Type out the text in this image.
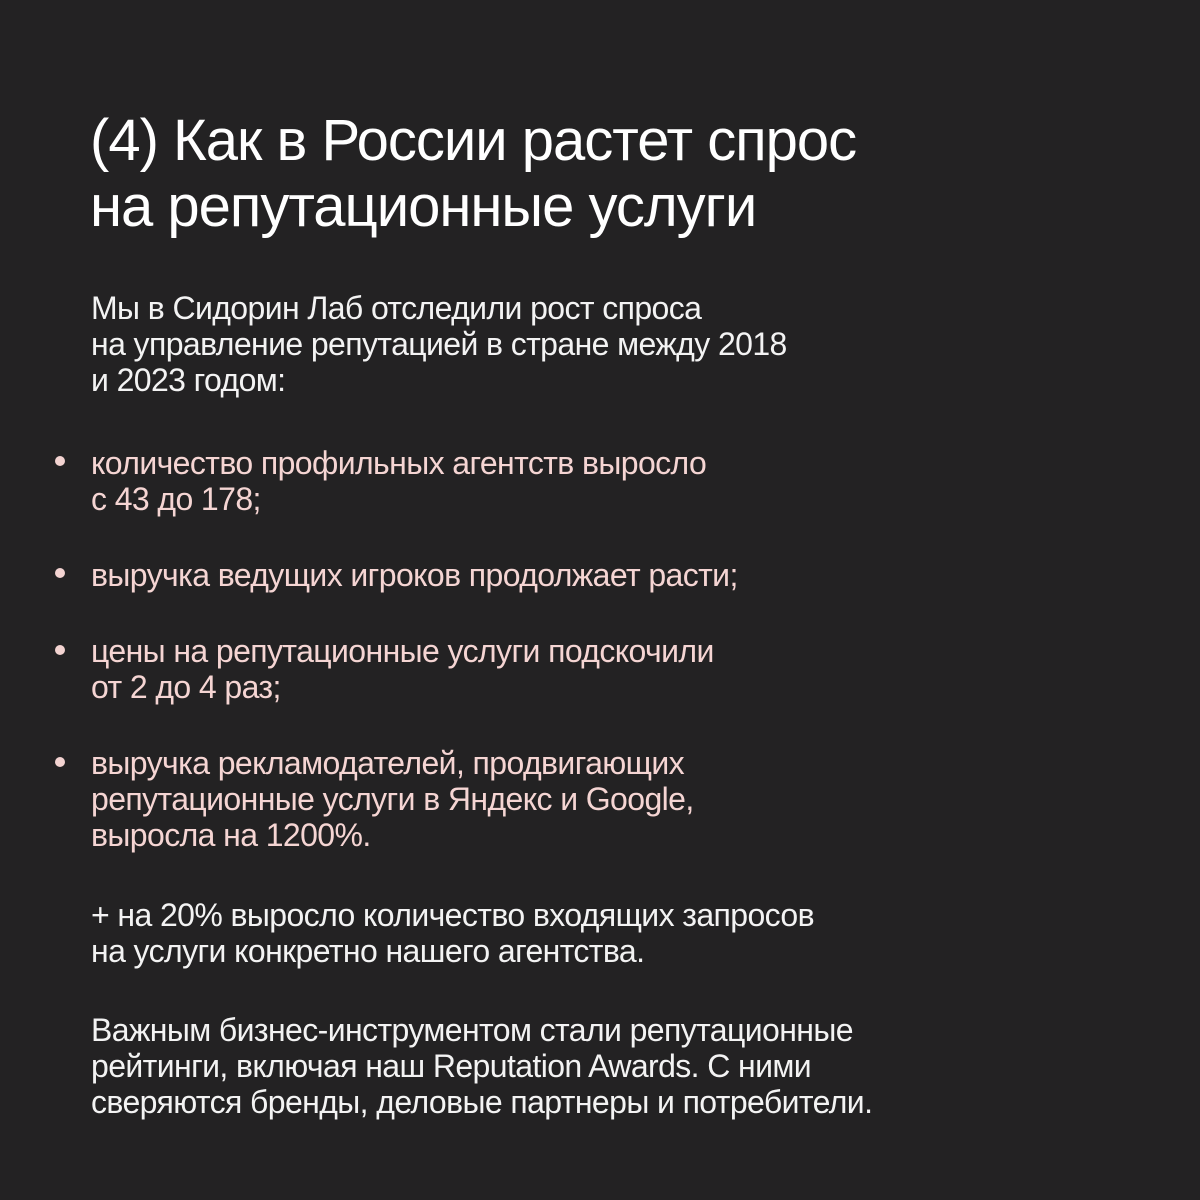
(4) Как в России растет спрос
на репутационные услуги

Мы в Сидорин Лаб отследили рост спроса
на управление репутацией в стране между 2018
и 2023 годом:

количество профильных агентств выросло
с 43 до 178;

выручка ведущих игроков продолжает расти;

цены на репутационные услуги подскочили
от 2 до 4 раз;

выручка рекламодателей, продвигающих
репутационные услуги в Яндекс и Google,
выросла на 1200%.

+ на 20% выросло количество входящих запросов
на услуги конкретно нашего агентства.

Важным бизнес-инструментом стали репутационные
рейтинги, включая наш Reputation Awards. С ними
сверяются бренды, деловые партнеры и потребители.
